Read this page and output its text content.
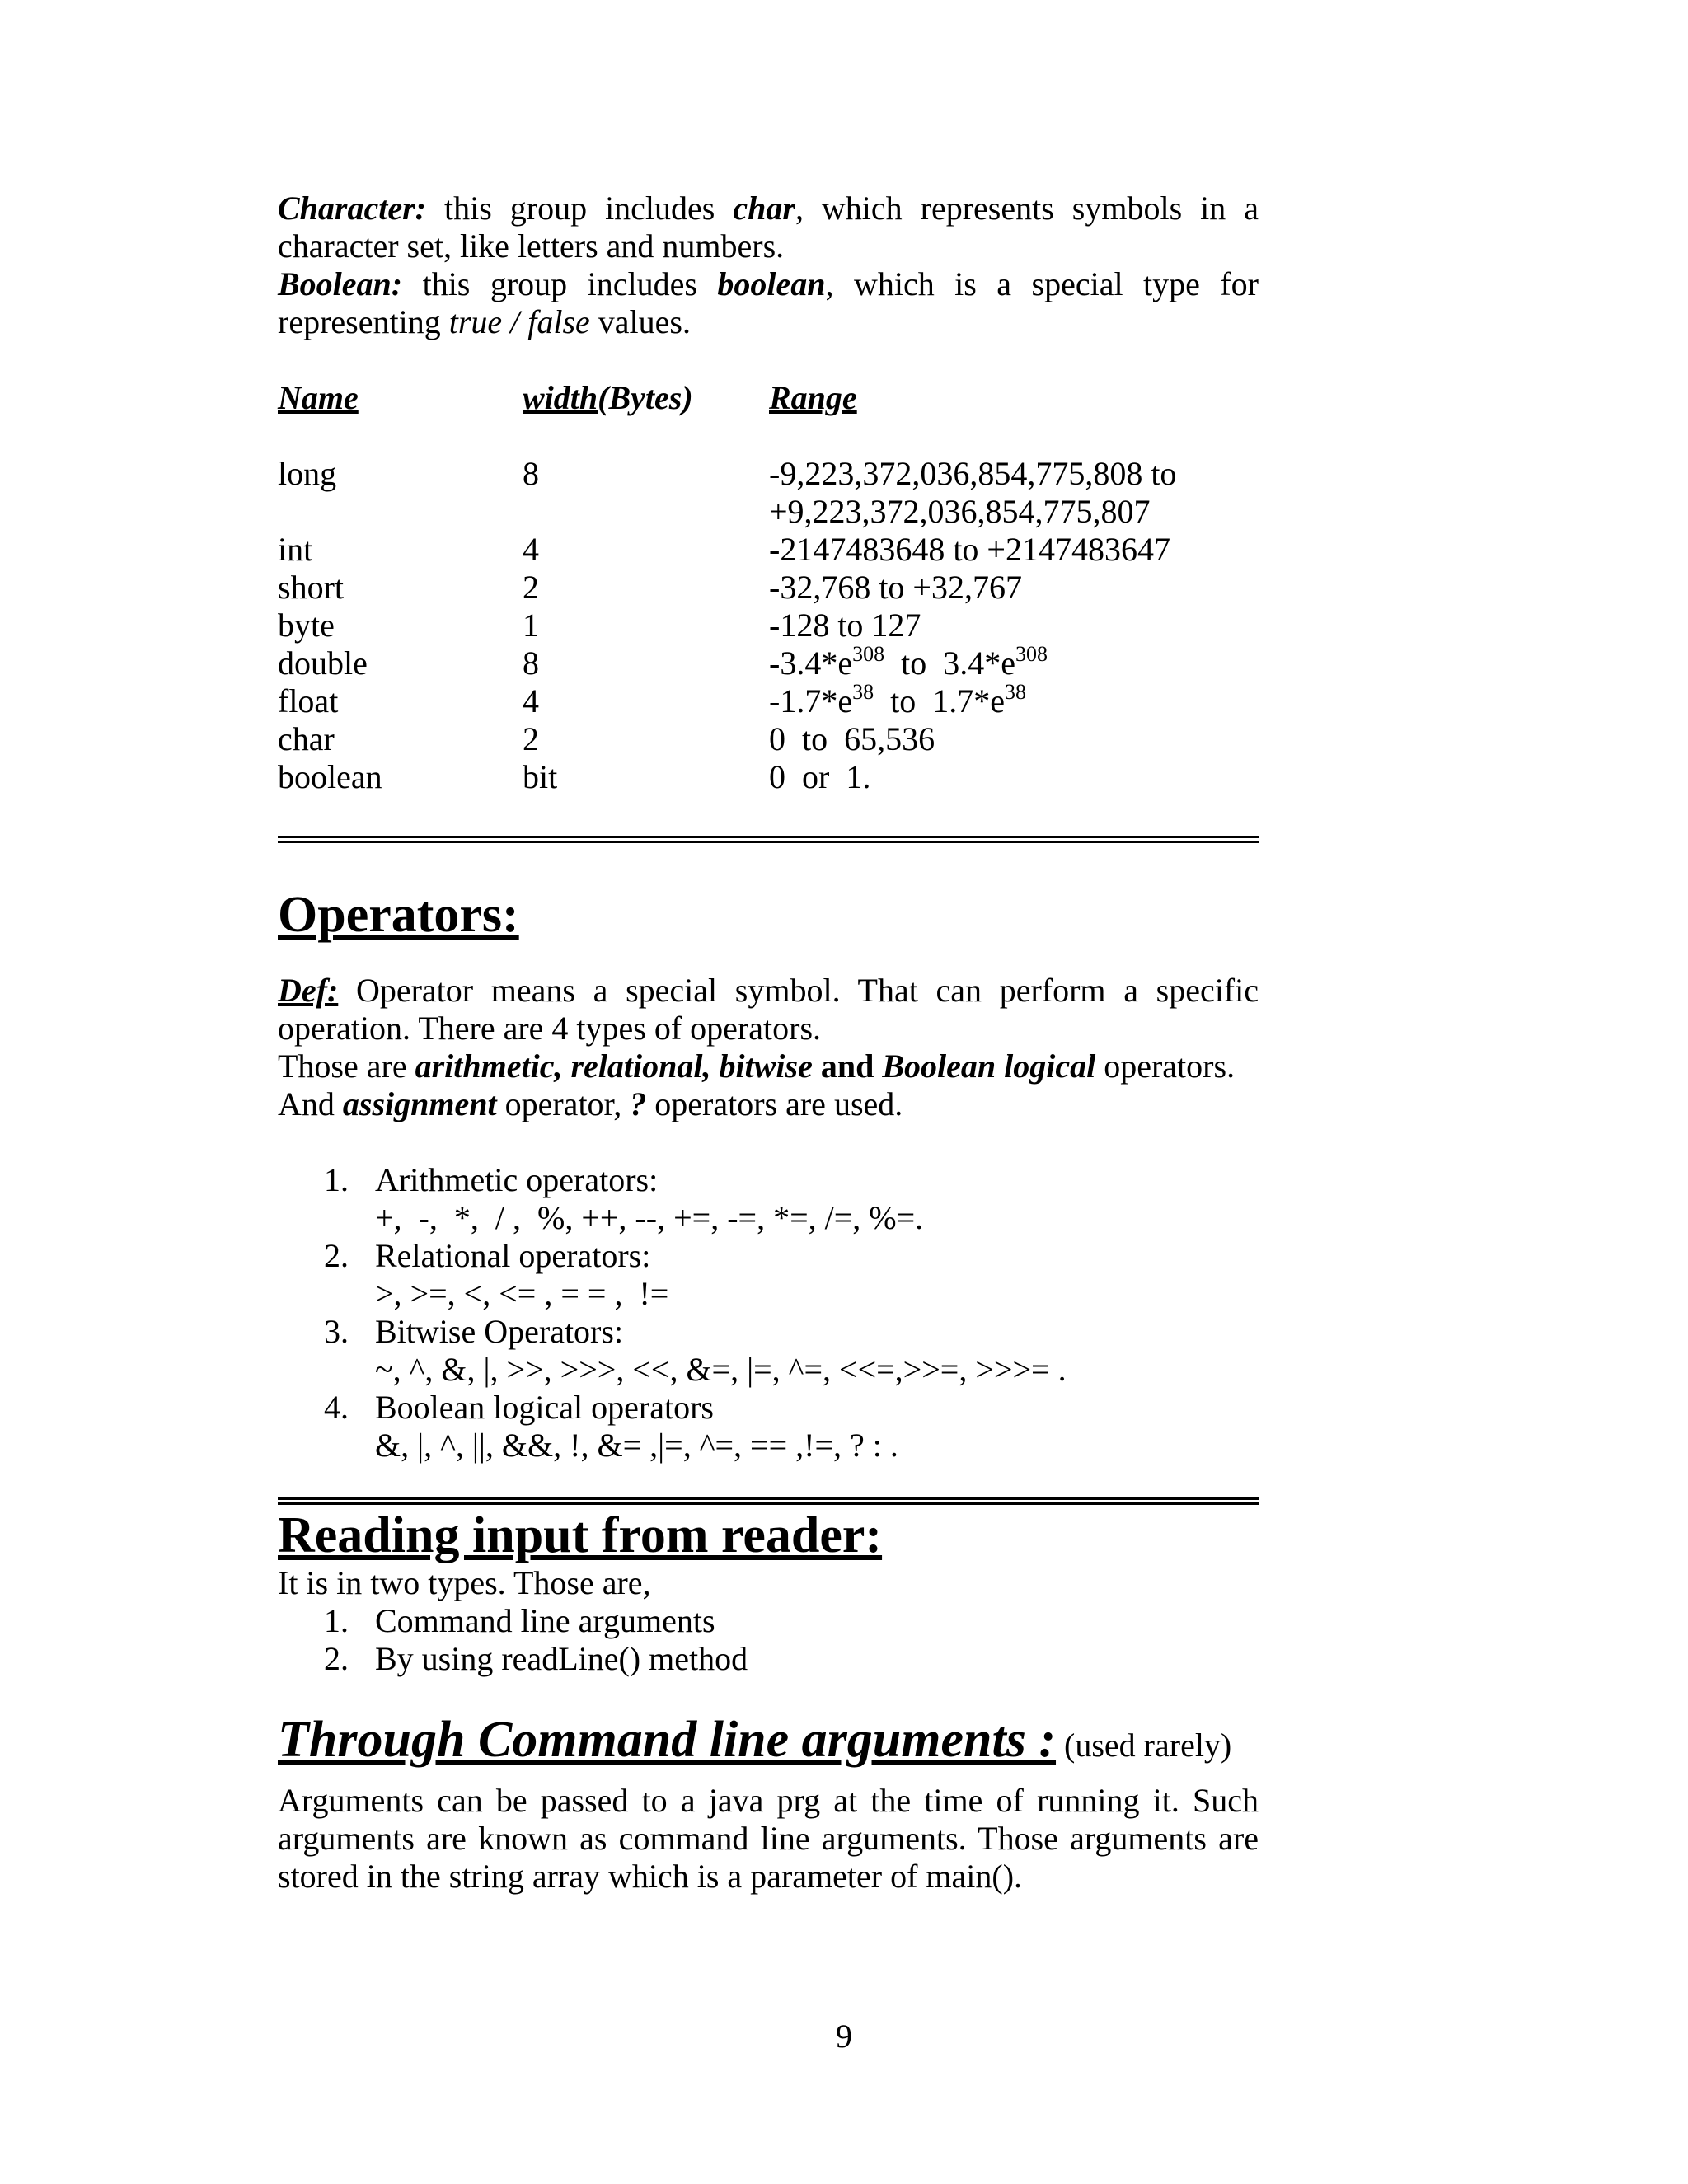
Character: this group includes char, which represents symbols in a character set, like letters and numbers.

Boolean: this group includes boolean, which is a special type for representing true / false values.

Name	width(Bytes) Range
long	8	-9,223,372,036,854,775,808 to
+9,223,372,036,854,775,807
int	4	-2147483648 to +2147483647
short	2	-32,768 to +32,767
byte	1	-128 to 127
double	8	$-3.4*e^{308}$  to  $3.4*e^{308}$
float	4	$-1.7*e^{38}$  to  $1.7*e^{38}$
char	2	0  to  65,536
boolean	bit	0  or  1.
Operators:

Def: Operator means a special symbol. That can perform a specific operation. There are 4 types of operators.

Those are arithmetic, relational, bitwise and Boolean logical operators.

And assignment operator, ? operators are used.

1. Arithmetic operators:
+,  -,  *,  / ,  %, ++, --, +=, -=, *=, /=, %=.
2. Relational operators:
>, >=, <, <= , = = ,  !=
3. Bitwise Operators:
~, ^, &, |, >>, >>>, <<, &=, |=, ^=, <<=,>>=, >>>= .
4. Boolean logical operators
&, |, ^, ||, &&, !, &= ,|=, ^=, == ,!=, ? : .
Reading input from reader:

It is in two types. Those are,

1. Command line arguments
2. By using readLine() method
Through Command line arguments : (used rarely)

Arguments can be passed to a java prg at the time of running it. Such arguments are known as command line arguments. Those arguments are stored in the string array which is a parameter of main().

9
